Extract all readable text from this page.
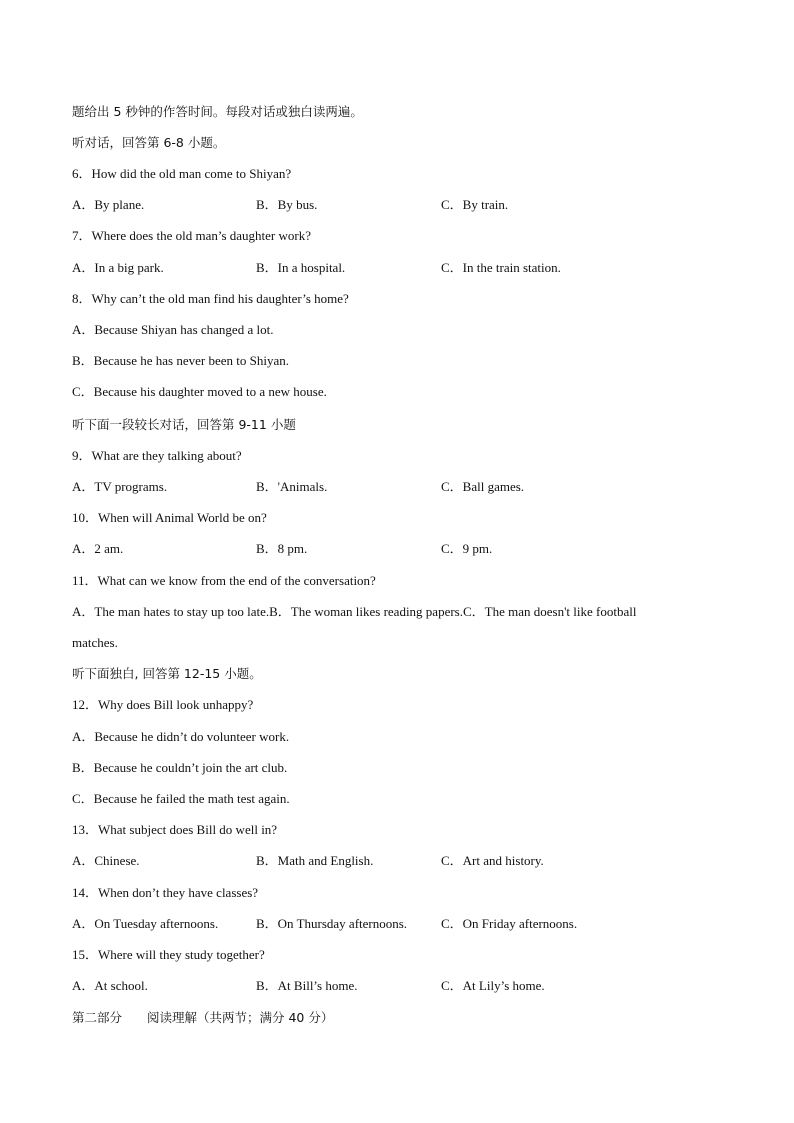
题给出 5 秒钟的作答时间。每段对话或独白读两遍。
听对话，回答第 6-8 小题。
6．How did the old man come to Shiyan?
A．By plane.	B．By bus.	C．By train.
7．Where does the old man’s daughter work?
A．In a big park.	B．In a hospital.	C．In the train station.
8．Why can’t the old man find his daughter’s home?
A．Because Shiyan has changed a lot.
B．Because he has never been to Shiyan.
C．Because his daughter moved to a new house.
听下面一段较长对话，回答第 9-11 小题
9．What are they talking about?
A．TV programs.	B．'Animals.	C．Ball games.
10．When will Animal World be on?
A．2 am.	B．8 pm.	C．9 pm.
11．What can we know from the end of the conversation?
A．The man hates to stay up too late.B．The woman likes reading papers.C．The man doesn't like football
matches.
听下面独白, 回答第 12-15 小题。
12．Why does Bill look unhappy?
A．Because he didn’t do volunteer work.
B．Because he couldn’t join the art club.
C．Because he failed the math test again.
13．What subject does Bill do well in?
A．Chinese.	B．Math and English.	C．Art and history.
14．When don’t they have classes?
A．On Tuesday afternoons.	B．On Thursday afternoons.	C．On Friday afternoons.
15．Where will they study together?
A．At school.	B．At Bill’s home.	C．At Lily’s home.
第二部分　　阅读理解（共两节；满分 40 分）
